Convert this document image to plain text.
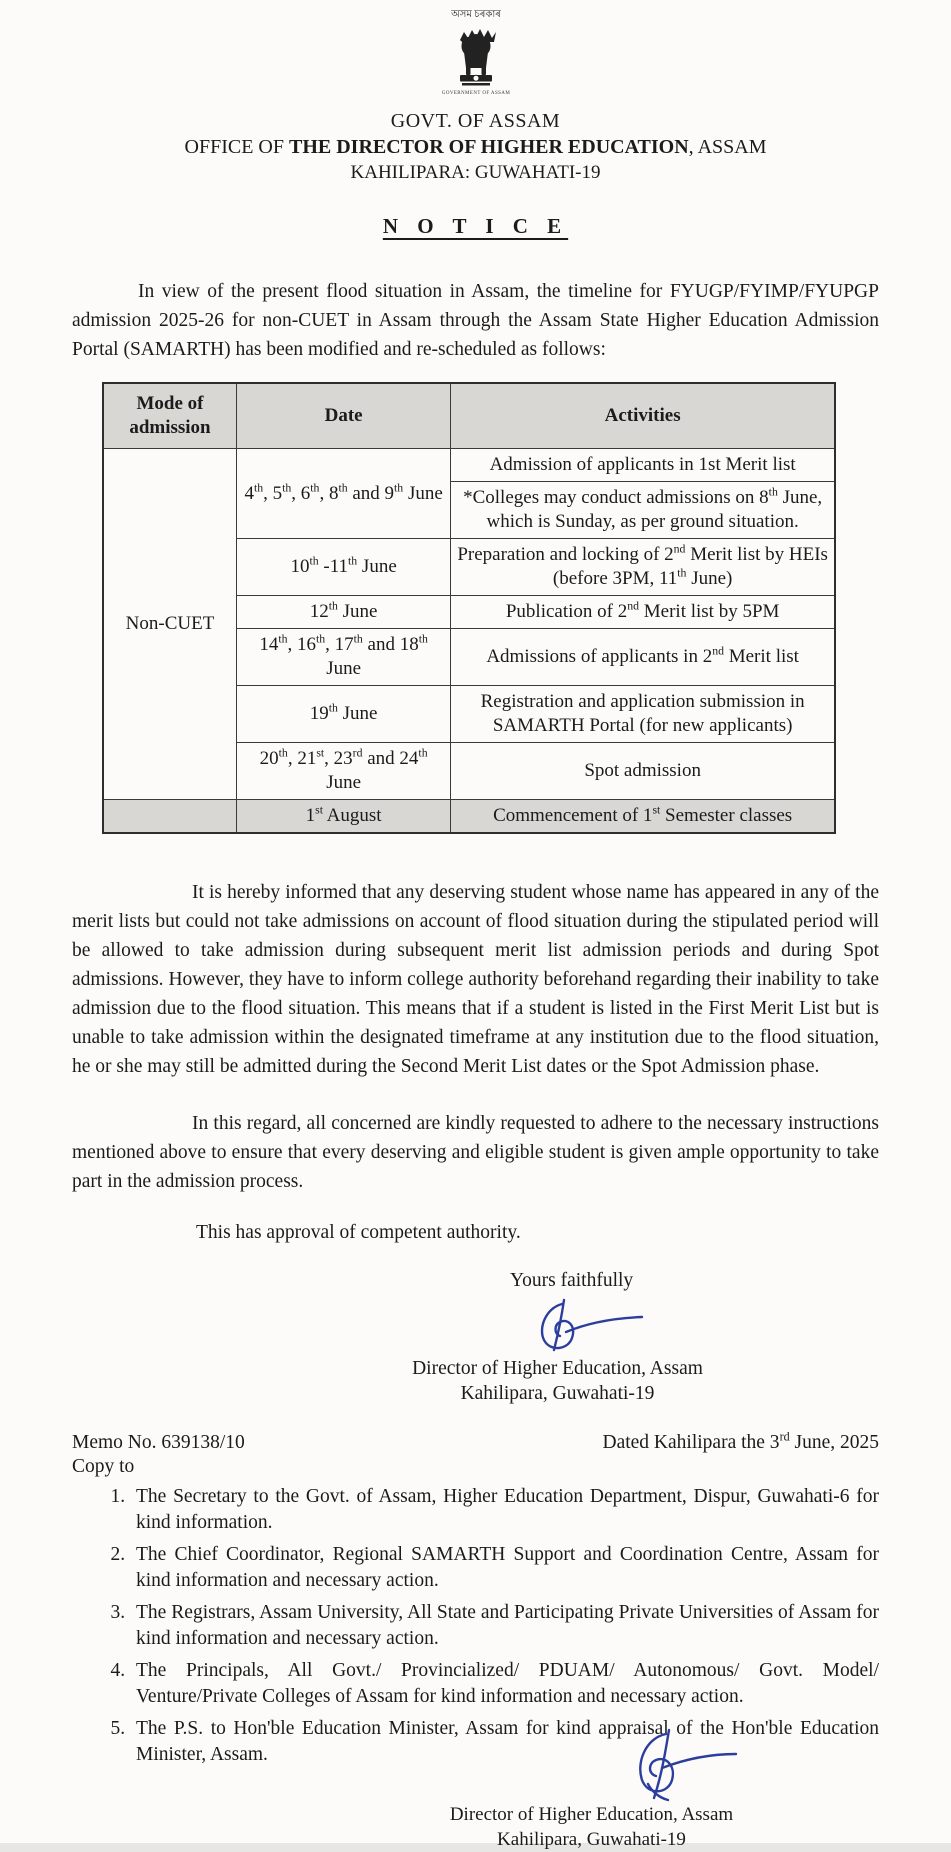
অসম চৰকাৰ
GOVERNMENT OF ASSAM
GOVT. OF ASSAM
OFFICE OF THE DIRECTOR OF HIGHER EDUCATION, ASSAM
KAHILIPARA: GUWAHATI-19
N O T I C E

In view of the present flood situation in Assam, the timeline for FYUGP/FYIMP/FYUPGP admission 2025-26 for non-CUET in Assam through the Assam State Higher Education Admission Portal (SAMARTH) has been modified and re-scheduled as follows:

Mode of admission	Date	Activities
Non-CUET	4th, 5th, 6th, 8th and 9th June	Admission of applicants in 1st Merit list
		*Colleges may conduct admissions on 8th June, which is Sunday, as per ground situation.
	10th -11th June	Preparation and locking of 2nd Merit list by HEIs (before 3PM, 11th June)
	12th June	Publication of 2nd Merit list by 5PM
	14th, 16th, 17th and 18th June	Admissions of applicants in 2nd Merit list
	19th June	Registration and application submission in SAMARTH Portal (for new applicants)
	20th, 21st, 23rd and 24th June	Spot admission
	1st August	Commencement of 1st Semester classes

It is hereby informed that any deserving student whose name has appeared in any of the merit lists but could not take admissions on account of flood situation during the stipulated period will be allowed to take admission during subsequent merit list admission periods and during Spot admissions. However, they have to inform college authority beforehand regarding their inability to take admission due to the flood situation. This means that if a student is listed in the First Merit List but is unable to take admission within the designated timeframe at any institution due to the flood situation, he or she may still be admitted during the Second Merit List dates or the Spot Admission phase.

In this regard, all concerned are kindly requested to adhere to the necessary instructions mentioned above to ensure that every deserving and eligible student is given ample opportunity to take part in the admission process.

This has approval of competent authority.
Yours faithfully
Director of Higher Education, Assam
Kahilipara, Guwahati-19
Memo No. 639138/10	Dated Kahilipara the 3rd June, 2025
Copy to
1. The Secretary to the Govt. of Assam, Higher Education Department, Dispur, Guwahati-6 for kind information.
2. The Chief Coordinator, Regional SAMARTH Support and Coordination Centre, Assam for kind information and necessary action.
3. The Registrars, Assam University, All State and Participating Private Universities of Assam for kind information and necessary action.
4. The Principals, All Govt./ Provincialized/ PDUAM/ Autonomous/ Govt. Model/ Venture/Private Colleges of Assam for kind information and necessary action.
5. The P.S. to Hon'ble Education Minister, Assam for kind appraisal of the Hon'ble Education Minister, Assam.
Director of Higher Education, Assam
Kahilipara, Guwahati-19
